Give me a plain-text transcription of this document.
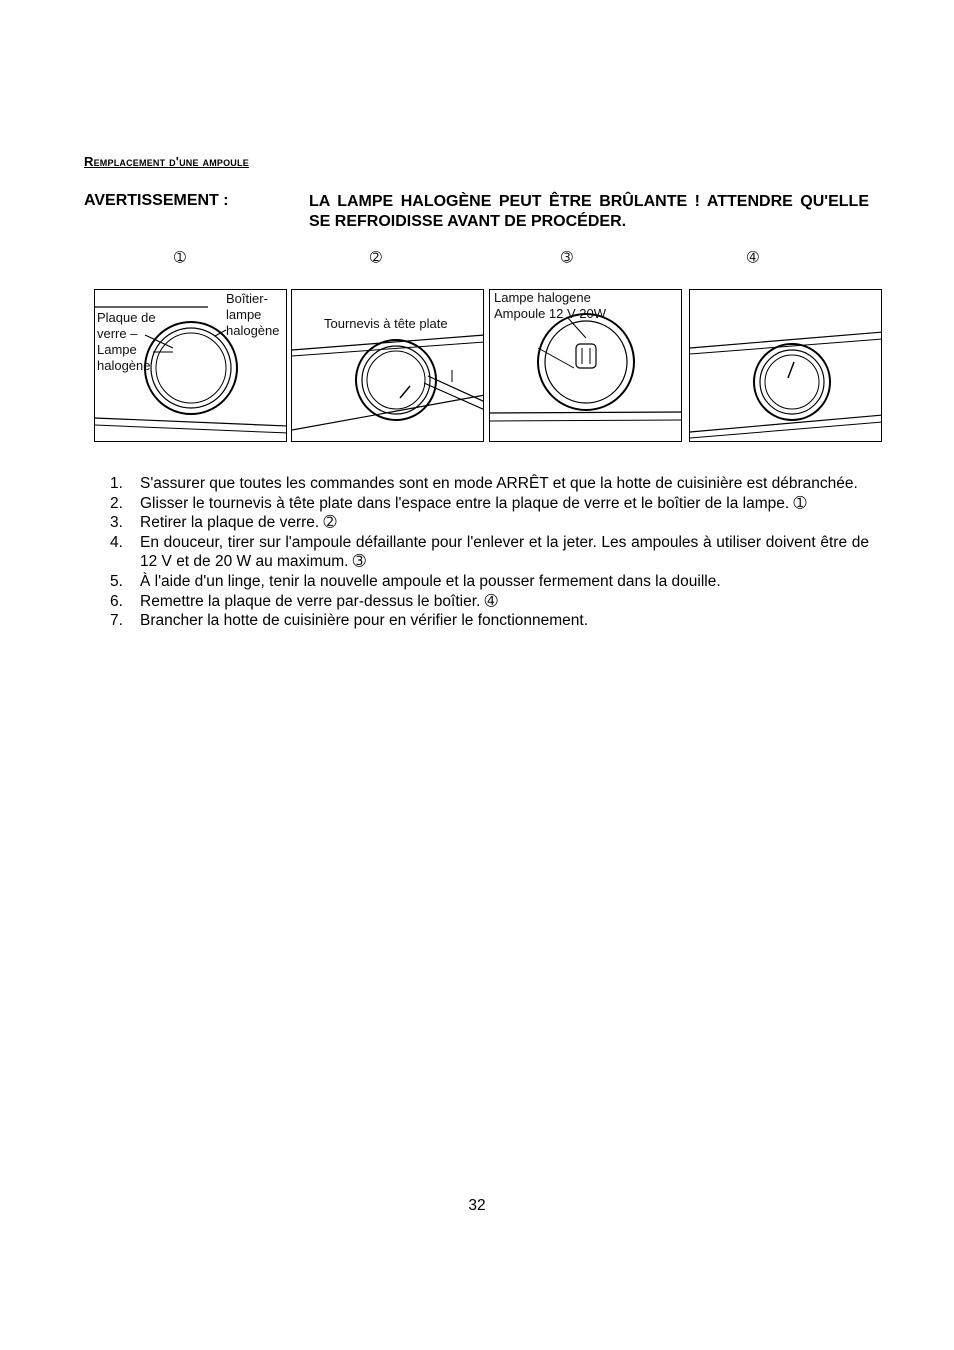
Remplacement d'une ampoule
AVERTISSEMENT :	LA LAMPE HALOGÈNE PEUT ÊTRE BRÛLANTE ! ATTENDRE QU'ELLE SE REFROIDISSE AVANT DE PROCÉDER.
➀	➁	➂	➃
Plaque de
verre –
Lampe
halogène
Boîtier-
lampe
halogène	Tournevis à tête plate
Lampe halogene
Ampoule 12 V 20W
1. S'assurer que toutes les commandes sont en mode ARRÊT et que la hotte de cuisinière est débranchée.
2. Glisser le tournevis à tête plate dans l'espace entre la plaque de verre et le boîtier de la lampe. ➀
3. Retirer la plaque de verre. ➁
4. En douceur, tirer sur l'ampoule défaillante pour l'enlever et la jeter. Les ampoules à utiliser doivent être de 12 V et de 20 W au maximum. ➂
5. À l'aide d'un linge, tenir la nouvelle ampoule et la pousser fermement dans la douille.
6. Remettre la plaque de verre par-dessus le boîtier. ➃
7. Brancher la hotte de cuisinière pour en vérifier le fonctionnement.
32
